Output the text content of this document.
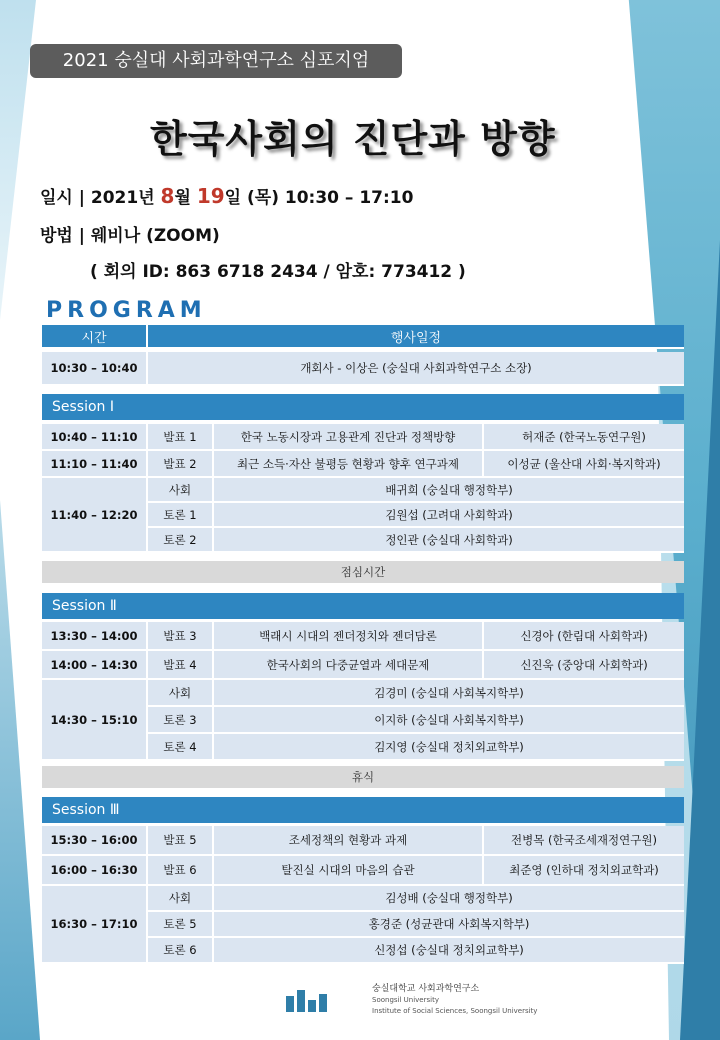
2021 숭실대 사회과학연구소 심포지엄
한국사회의 진단과 방향
일시 | 2021년 8월 19일 (목) 10:30 – 17:10
방법 | 웨비나 (ZOOM)
( 회의 ID: 863 6718 2434 / 암호: 773412 )
PROGRAM
시간	행사일정
10:30 – 10:40	개회사 - 이상은 (숭실대 사회과학연구소 소장)
Session Ⅰ
10:40 – 11:10	발표 1	한국 노동시장과 고용관계 진단과 정책방향	허재준 (한국노동연구원)
11:10 – 11:40	발표 2	최근 소득·자산 불평등 현황과 향후 연구과제	이성균 (울산대 사회·복지학과)
11:40 – 12:20
사회	배귀희 (숭실대 행정학부)
토론 1	김원섭 (고려대 사회학과)
토론 2	정인관 (숭실대 사회학과)
점심시간
Session Ⅱ
13:30 – 14:00	발표 3	백래시 시대의 젠더정치와 젠더담론	신경아 (한림대 사회학과)
14:00 – 14:30	발표 4	한국사회의 다중균열과 세대문제	신진욱 (중앙대 사회학과)
14:30 – 15:10
사회	김경미 (숭실대 사회복지학부)
토론 3	이지하 (숭실대 사회복지학부)
토론 4	김지영 (숭실대 정치외교학부)
휴식
Session Ⅲ
15:30 – 16:00	발표 5	조세정책의 현황과 과제	전병목 (한국조세재정연구원)
16:00 – 16:30	발표 6	탈진실 시대의 마음의 습관	최준영 (인하대 정치외교학과)
16:30 – 17:10
사회	김성배 (숭실대 행정학부)
토론 5	홍경준 (성균관대 사회복지학부)
토론 6	신정섭 (숭실대 정치외교학부)
숭실대학교 사회과학연구소
Soongsil University
Institute of Social Sciences, Soongsil University
